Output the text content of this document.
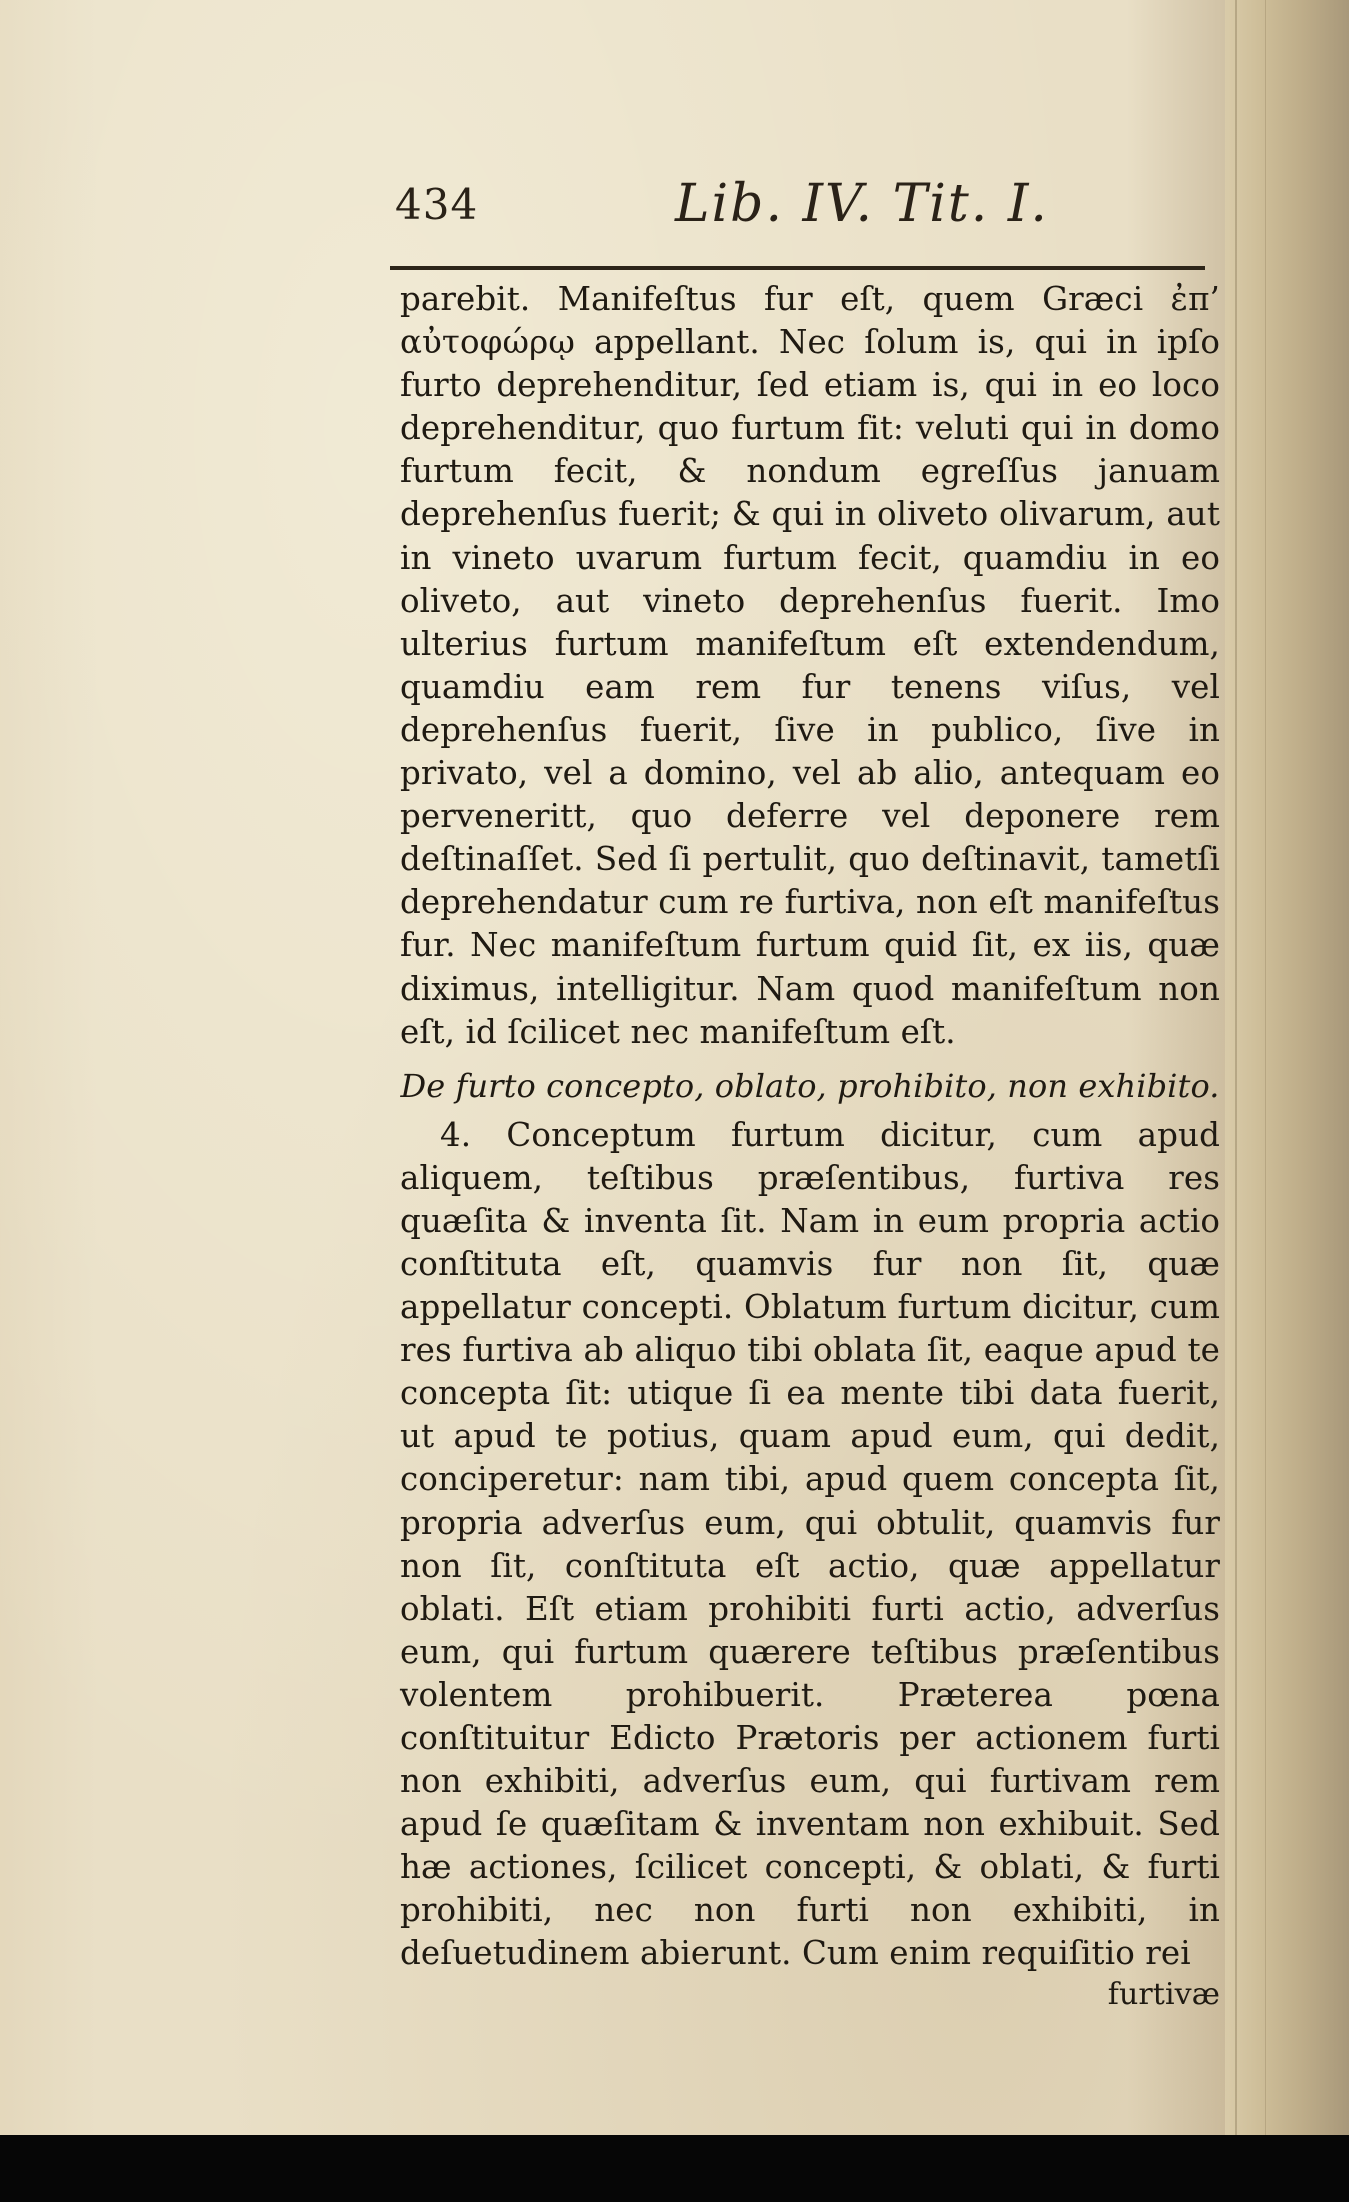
434	Lib. IV. Tit. I.

parebit. Manifeſtus fur eſt, quem Græci ἐπ’ αὐτοφώρῳ appellant. Nec ſolum is, qui in ipſo furto deprehenditur, ſed etiam is, qui in eo loco deprehenditur, quo furtum fit: veluti qui in domo furtum fecit, & nondum egreſſus januam deprehenſus fuerit; & qui in oliveto olivarum, aut in vineto uvarum furtum fecit, quamdiu in eo oliveto, aut vineto deprehenſus fuerit. Imo ulterius furtum manifeſtum eſt extendendum, quamdiu eam rem fur tenens viſus, vel deprehenſus fuerit, ſive in publico, ſive in privato, vel a domino, vel ab alio, antequam eo perveneritt, quo deferre vel deponere rem deſtinaſſet. Sed ſi pertulit, quo deſtinavit, tametſi deprehendatur cum re furtiva, non eſt manifeſtus fur. Nec manifeſtum furtum quid ſit, ex iis, quæ diximus, intelligitur. Nam quod manifeſtum non eſt, id ſcilicet nec manifeſtum eſt.

De furto concepto, oblato, prohibito, non exhibito.

4. Conceptum furtum dicitur, cum apud aliquem, teſtibus præſentibus, furtiva res quæſita & inventa ſit. Nam in eum propria actio conſtituta eſt, quamvis fur non ſit, quæ appellatur concepti. Oblatum furtum dicitur, cum res furtiva ab aliquo tibi oblata ſit, eaque apud te concepta ſit: utique ſi ea mente tibi data fuerit, ut apud te potius, quam apud eum, qui dedit, conciperetur: nam tibi, apud quem concepta ſit, propria adverſus eum, qui obtulit, quamvis fur non ſit, conſtituta eſt actio, quæ appellatur oblati. Eſt etiam prohibiti furti actio, adverſus eum, qui furtum quærere teſtibus præſentibus volentem prohibuerit. Præterea pœna conſtituitur Edicto Prætoris per actionem furti non exhibiti, adverſus eum, qui furtivam rem apud ſe quæſitam & inventam non exhibuit. Sed hæ actiones, ſcilicet concepti, & oblati, & furti prohibiti, nec non furti non exhibiti, in deſuetudinem abierunt. Cum enim requiſitio rei

furtivæ
